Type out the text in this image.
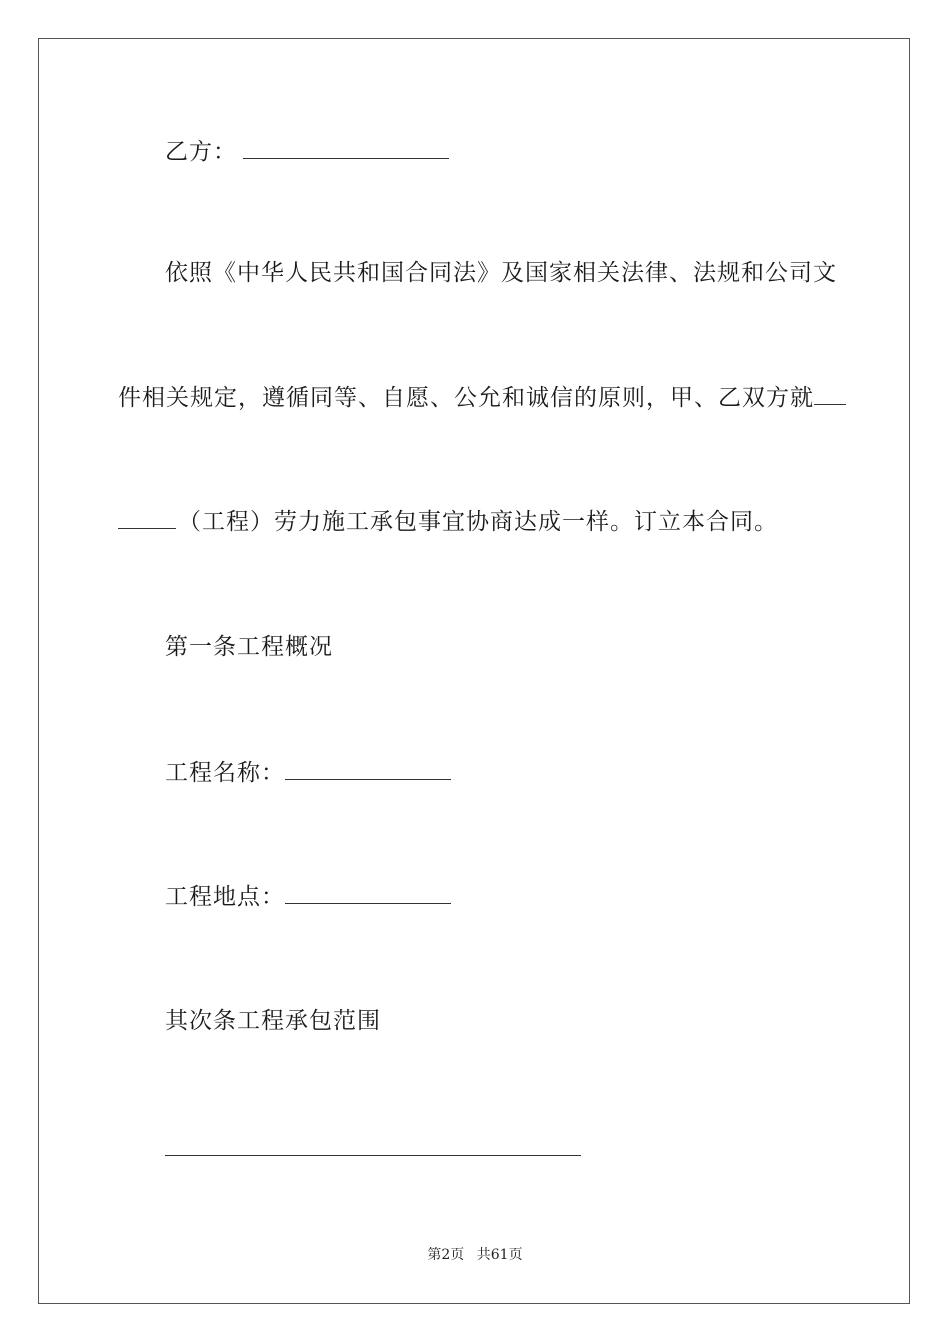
乙方：
依照《中华人民共和国合同法》及国家相关法律、法规和公司文
件相关规定，遵循同等、自愿、公允和诚信的原则，甲、乙双方就
（工程）劳力施工承包事宜协商达成一样。订立本合同。
第一条工程概况
工程名称：
工程地点：
其次条工程承包范围
第2页 共61页
